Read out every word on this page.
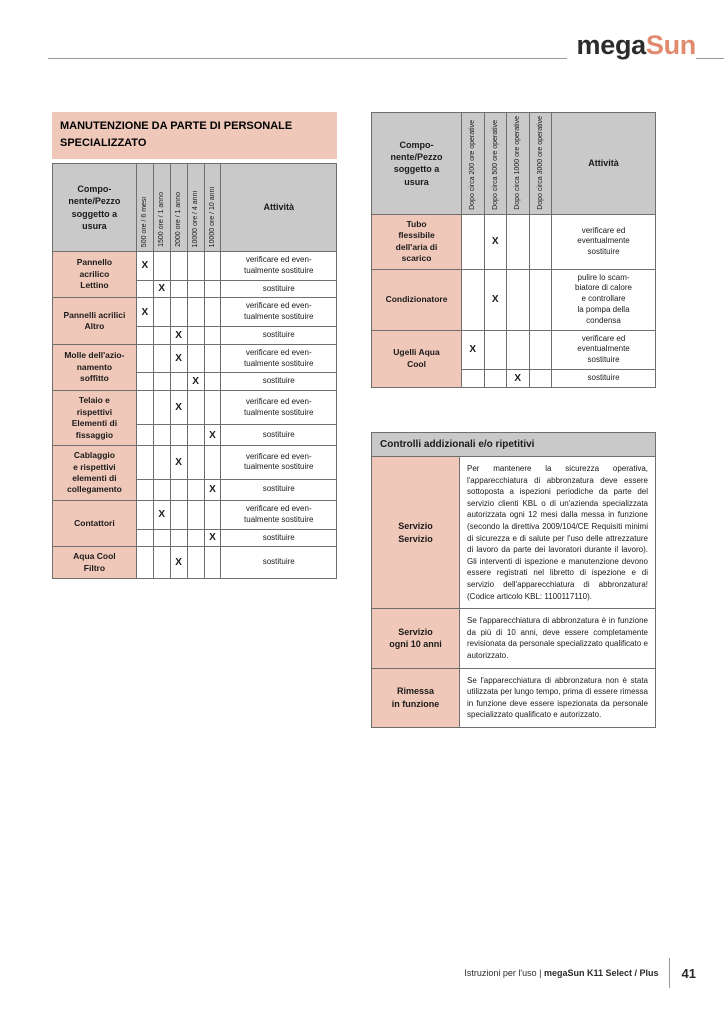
megaSun
MANUTENZIONE DA PARTE DI PERSONALE SPECIALIZZATO
Compo-
nente/Pezzo
soggetto a
usura	500 ore / 6 mesi	1500 ore / 1 anno	2000 ore / 1 anno	10000 ore / 4 anni	10000 ore / 10 anni	Attività
Pannello
acrilico
Lettino	X					verificare ed even-
tualmente sostituire
		X				sostituire
Pannelli acrilici
Altro	X					verificare ed even-
tualmente sostituire
			X			sostituire
Molle dell'azio-
namento
soffitto			X			verificare ed even-
tualmente sostituire
				X		sostituire
Telaio e
rispettivi
Elementi di
fissaggio			X			verificare ed even-
tualmente sostituire
					X	sostituire
Cablaggio
e rispettivi
elementi di
collegamento			X			verificare ed even-
tualmente sostituire
					X	sostituire
Contattori		X				verificare ed even-
tualmente sostituire
					X	sostituire
Aqua Cool
Filtro			X			sostituire
Compo-
nente/Pezzo
soggetto a
usura	Dopo circa 200 ore operative	Dopo circa 500 ore operative	Dopo circa 1000 ore operative	Dopo circa 3000 ore operative	Attività
Tubo
flessibile
dell'aria di
scarico		X			verificare ed
eventualmente
sostituire
Condizionatore		X			pulire lo scam-
biatore di calore
e controllare
la pompa della
condensa
Ugelli Aqua
Cool	X				verificare ed
eventualmente
sostituire
			X		sostituire
Controlli addizionali e/o ripetitivi	
Servizio
Servizio	Per mantenere la sicurezza operativa, l'apparecchiatura di abbronzatura deve essere sottoposta a ispezioni periodiche da parte del servizio clienti KBL o di un'azienda specializzata autorizzata ogni 12 mesi dalla messa in funzione (secondo la direttiva 2009/104/CE Requisiti minimi di sicurezza e di salute per l'uso delle attrezzature di lavoro da parte dei lavoratori durante il lavoro). Gli interventi di ispezione e manutenzione devono essere registrati nel libretto di ispezione e di servizio dell'apparecchiatura di abbronzatura! (Codice articolo KBL: 1100117110).
Servizio
ogni 10 anni	Se l'apparecchiatura di abbronzatura è in funzione da più di 10 anni, deve essere completamente revisionata da personale specializzato qualificato e autorizzato.
Rimessa
in funzione	Se l'apparecchiatura di abbronzatura non è stata utilizzata per lungo tempo, prima di essere rimessa in funzione deve essere ispezionata da personale specializzato qualificato e autorizzato.
Istruzioni per l'uso | megaSun K11 Select / Plus 41
